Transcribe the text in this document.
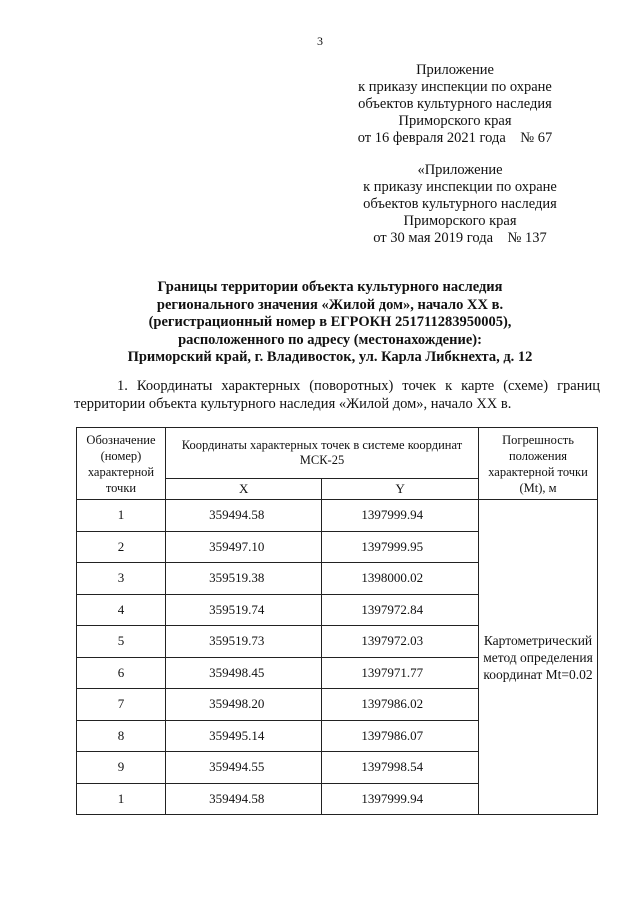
3
Приложение
к приказу инспекции по охране
объектов культурного наследия
Приморского края
от 16 февраля 2021 года    № 67
«Приложение
к приказу инспекции по охране
объектов культурного наследия
Приморского края
от 30 мая 2019 года    № 137
Границы территории объекта культурного наследия
регионального значения «Жилой дом», начало XX в.
(регистрационный номер в ЕГРОКН 251711283950005),
расположенного по адресу (местонахождение):
Приморский край, г. Владивосток, ул. Карла Либкнехта, д. 12
1. Координаты характерных (поворотных) точек к карте (схеме) границ
территории объекта культурного наследия «Жилой дом», начало XX в.
Обозначение (номер) характерной точки	Координаты характерных точек в системе координат МСК-25		Погрешность положения характерной точки (Mt), м
	X	Y	
1	359494.58	1397999.94	Картометрический метод определения координат Mt=0.02
2	359497.10	1397999.95	
3	359519.38	1398000.02	
4	359519.74	1397972.84	
5	359519.73	1397972.03	
6	359498.45	1397971.77	
7	359498.20	1397986.02	
8	359495.14	1397986.07	
9	359494.55	1397998.54	
1	359494.58	1397999.94	
